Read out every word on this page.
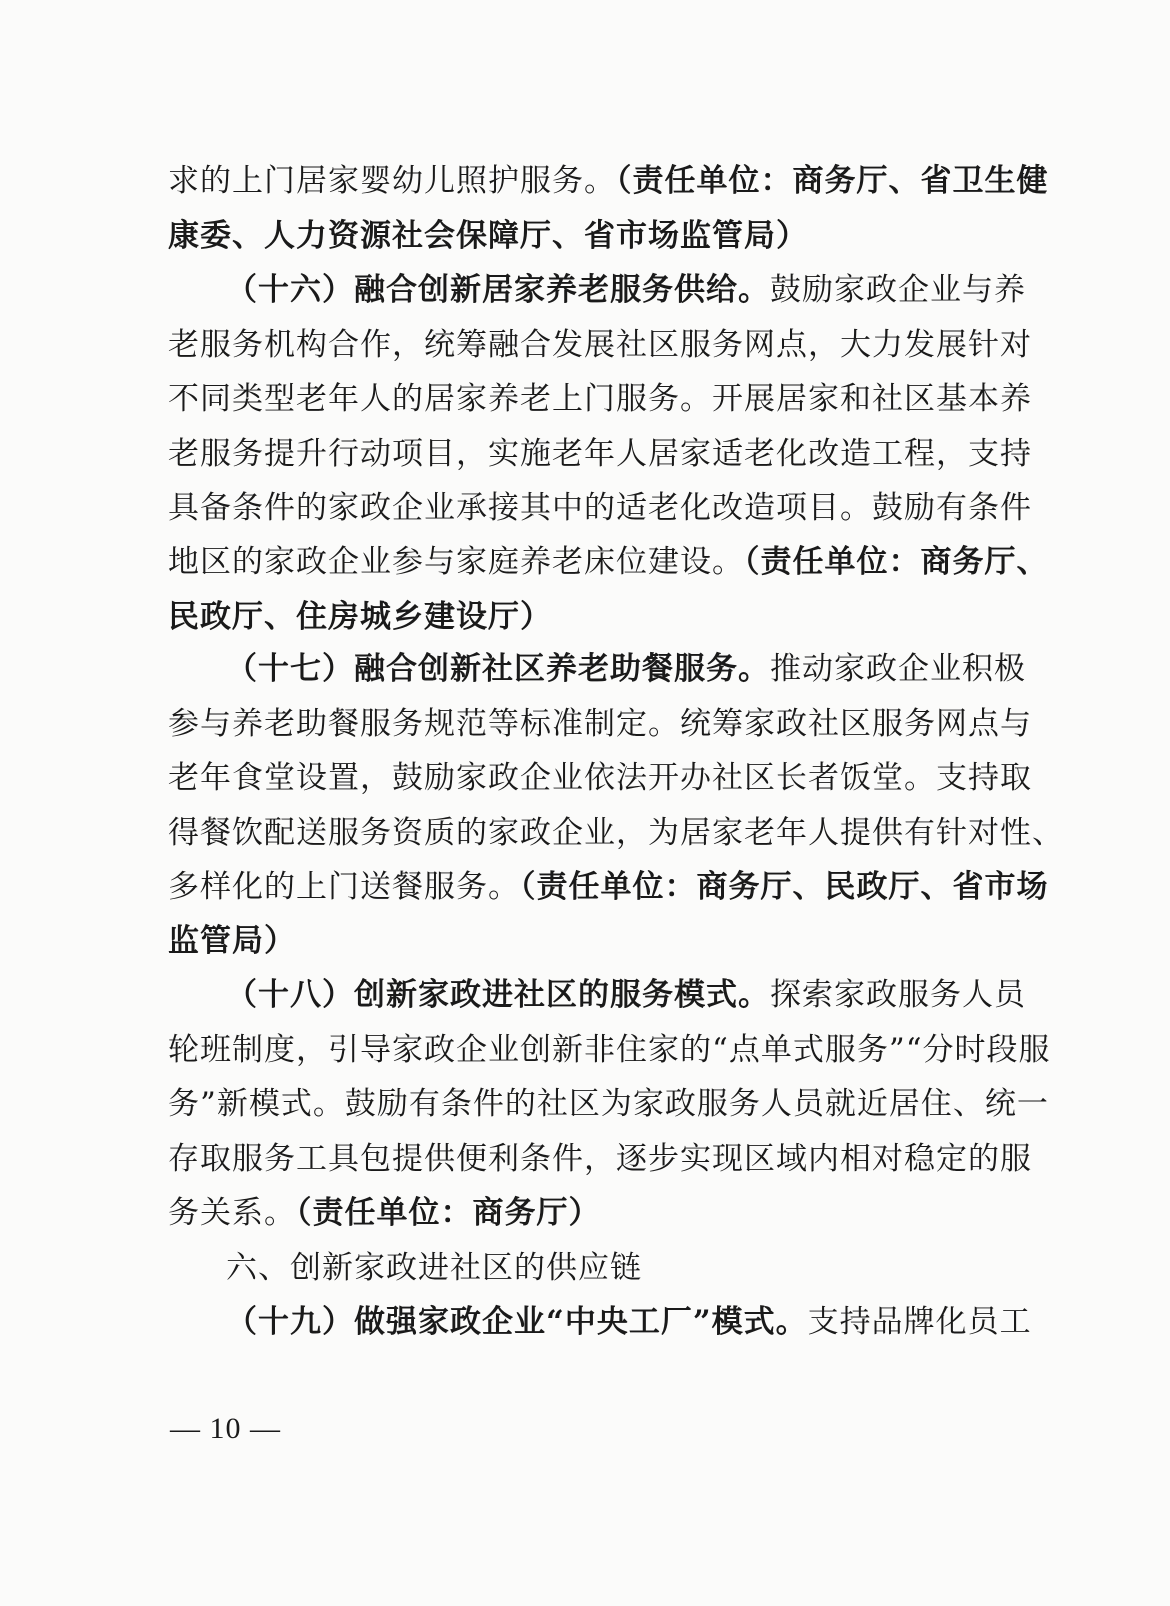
求的上门居家婴幼儿照护服务。（责任单位：商务厅、省卫生健
康委、人力资源社会保障厅、省市场监管局）
（十六）融合创新居家养老服务供给。鼓励家政企业与养
老服务机构合作，统筹融合发展社区服务网点，大力发展针对
不同类型老年人的居家养老上门服务。开展居家和社区基本养
老服务提升行动项目，实施老年人居家适老化改造工程，支持
具备条件的家政企业承接其中的适老化改造项目。鼓励有条件
地区的家政企业参与家庭养老床位建设。（责任单位：商务厅、
民政厅、住房城乡建设厅）
（十七）融合创新社区养老助餐服务。推动家政企业积极
参与养老助餐服务规范等标准制定。统筹家政社区服务网点与
老年食堂设置，鼓励家政企业依法开办社区长者饭堂。支持取
得餐饮配送服务资质的家政企业，为居家老年人提供有针对性、
多样化的上门送餐服务。（责任单位：商务厅、民政厅、省市场
监管局）
（十八）创新家政进社区的服务模式。探索家政服务人员
轮班制度，引导家政企业创新非住家的“点单式服务”“分时段服
务”新模式。鼓励有条件的社区为家政服务人员就近居住、统一
存取服务工具包提供便利条件，逐步实现区域内相对稳定的服
务关系。（责任单位：商务厅）
六、创新家政进社区的供应链
（十九）做强家政企业“中央工厂”模式。支持品牌化员工
— 10 —
